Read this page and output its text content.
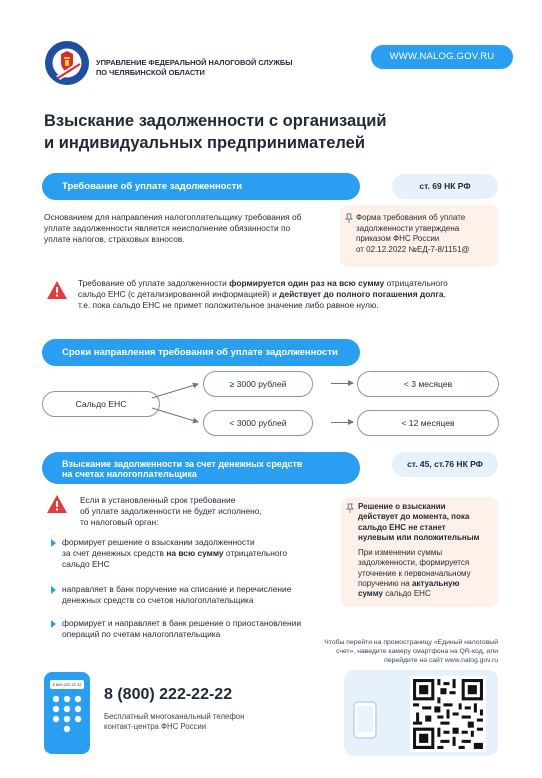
УПРАВЛЕНИЕ ФЕДЕРАЛЬНОЙ НАЛОГОВОЙ СЛУЖБЫ
ПО ЧЕЛЯБИНСКОЙ ОБЛАСТИ
WWW.NALOG.GOV.RU
Взыскание задолженности с организаций
и индивидуальных предпринимателей
Требование об уплате задолженности	ст. 69 НК РФ
Основанием для направления налогоплательщику требования об уплате задолженности является неисполнение обязанности по уплате налогов, страховых взносов.
Форма требования об уплате
задолженности утверждена
приказом ФНС России
от 02.12.2022 №ЕД-7-8/1151@
Требование об уплате задолженности формируется один раз на всю сумму отрицательного сальдо ЕНС (с детализированной информацией) и действует до полного погашения долга, т.е. пока сальдо ЕНС не примет положительное значение либо равное нулю.
Сроки направления требования об уплате задолженности
Сальдо ЕНС
≥ 3000 рублей
< 3000 рублей
< 3 месяцев
< 12 месяцев
Взыскание задолженности за счет денежных средств
на счетах налогоплательщика
ст. 45, ст.76 НК РФ
Если в установленный срок требование
об уплате задолженности не будет исполнено,
то налоговый орган:
формирует решение о взыскании задолженности
за счет денежных средств на всю сумму отрицательного
сальдо ЕНС
направляет в банк поручение на списание и перечисление
денежных средств со счетов налогоплательщика
формирует и направляет в банк решение о приостановлении
операций по счетам налогоплательщика
Решение о взыскании
действует до момента, пока
сальдо ЕНС не станет
нулевым или положительным
При изменении суммы
задолженности, формируется
уточнение к первоначальному
поручению на актуальную
сумму сальдо ЕНС
Чтобы перейти на промостраницу «Единый налоговый
счет», наведите камеру смартфона на QR-код, или
перейдите на сайт www.nalog.gov.ru
8 800 222 22 22
8 (800) 222-22-22
Бесплатный многоканальный телефон
контакт-центра ФНС России
